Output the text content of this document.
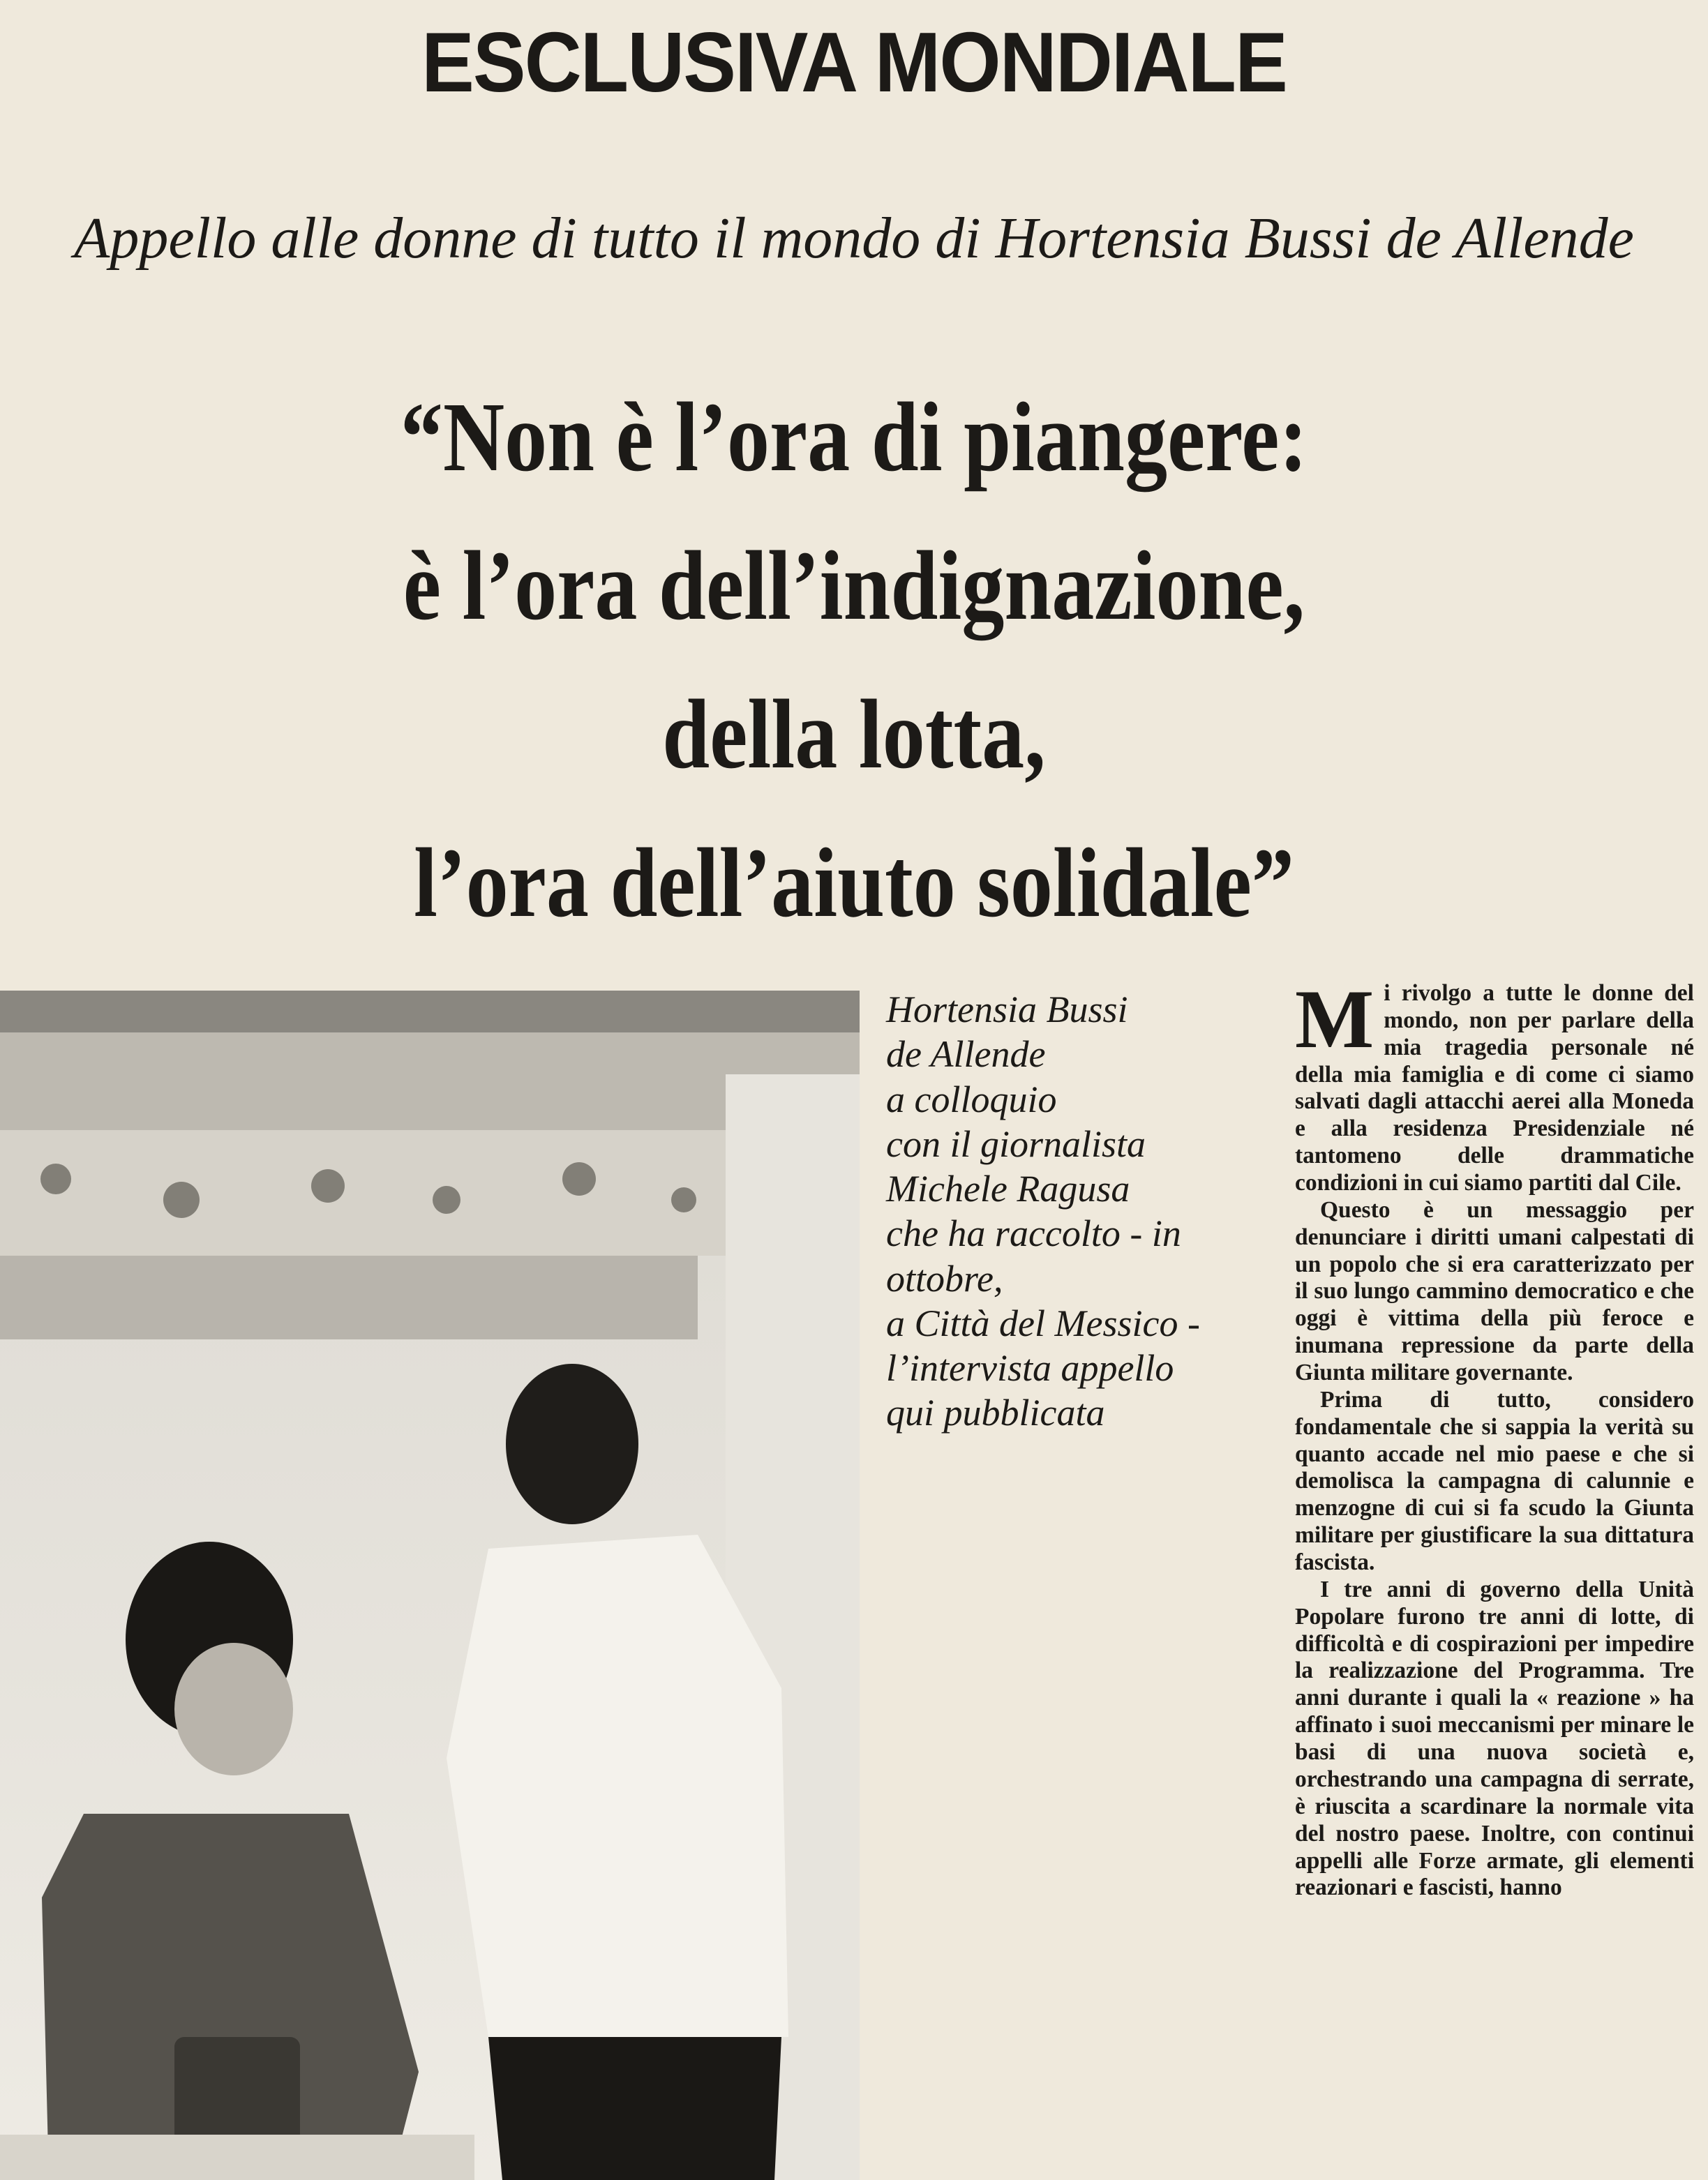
ESCLUSIVA MONDIALE
Appello alle donne di tutto il mondo di Hortensia Bussi de Allende
“Non è l’ora di piangere:
è l’ora dell’indignazione,
della lotta,
l’ora dell’aiuto solidale”
Hortensia Bussi
de Allende
a colloquio
con il giornalista
Michele Ragusa
che ha raccolto - in
ottobre,
a Città del Messico -
l’intervista appello
qui pubblicata

Mi rivolgo a tutte le donne del mondo, non per parlare della mia tragedia personale né della mia famiglia e di come ci siamo salvati dagli attacchi aerei alla Moneda e alla residenza Presidenziale né tantomeno delle drammatiche condizioni in cui siamo partiti dal Cile.

Questo è un messaggio per denunciare i diritti umani calpestati di un popolo che si era caratterizzato per il suo lungo cammino democratico e che oggi è vittima della più feroce e inumana repressione da parte della Giunta militare governante.

Prima di tutto, considero fondamentale che si sappia la verità su quanto accade nel mio paese e che si demolisca la campagna di calunnie e menzogne di cui si fa scudo la Giunta militare per giustificare la sua dittatura fascista.

I tre anni di governo della Unità Popolare furono tre anni di lotte, di difficoltà e di cospirazioni per impedire la realizzazione del Programma. Tre anni durante i quali la « reazione » ha affinato i suoi meccanismi per minare le basi di una nuova società e, orchestrando una campagna di serrate, è riuscita a scardinare la normale vita del nostro paese. Inoltre, con continui appelli alle Forze armate, gli elementi reazionari e fascisti, hanno
